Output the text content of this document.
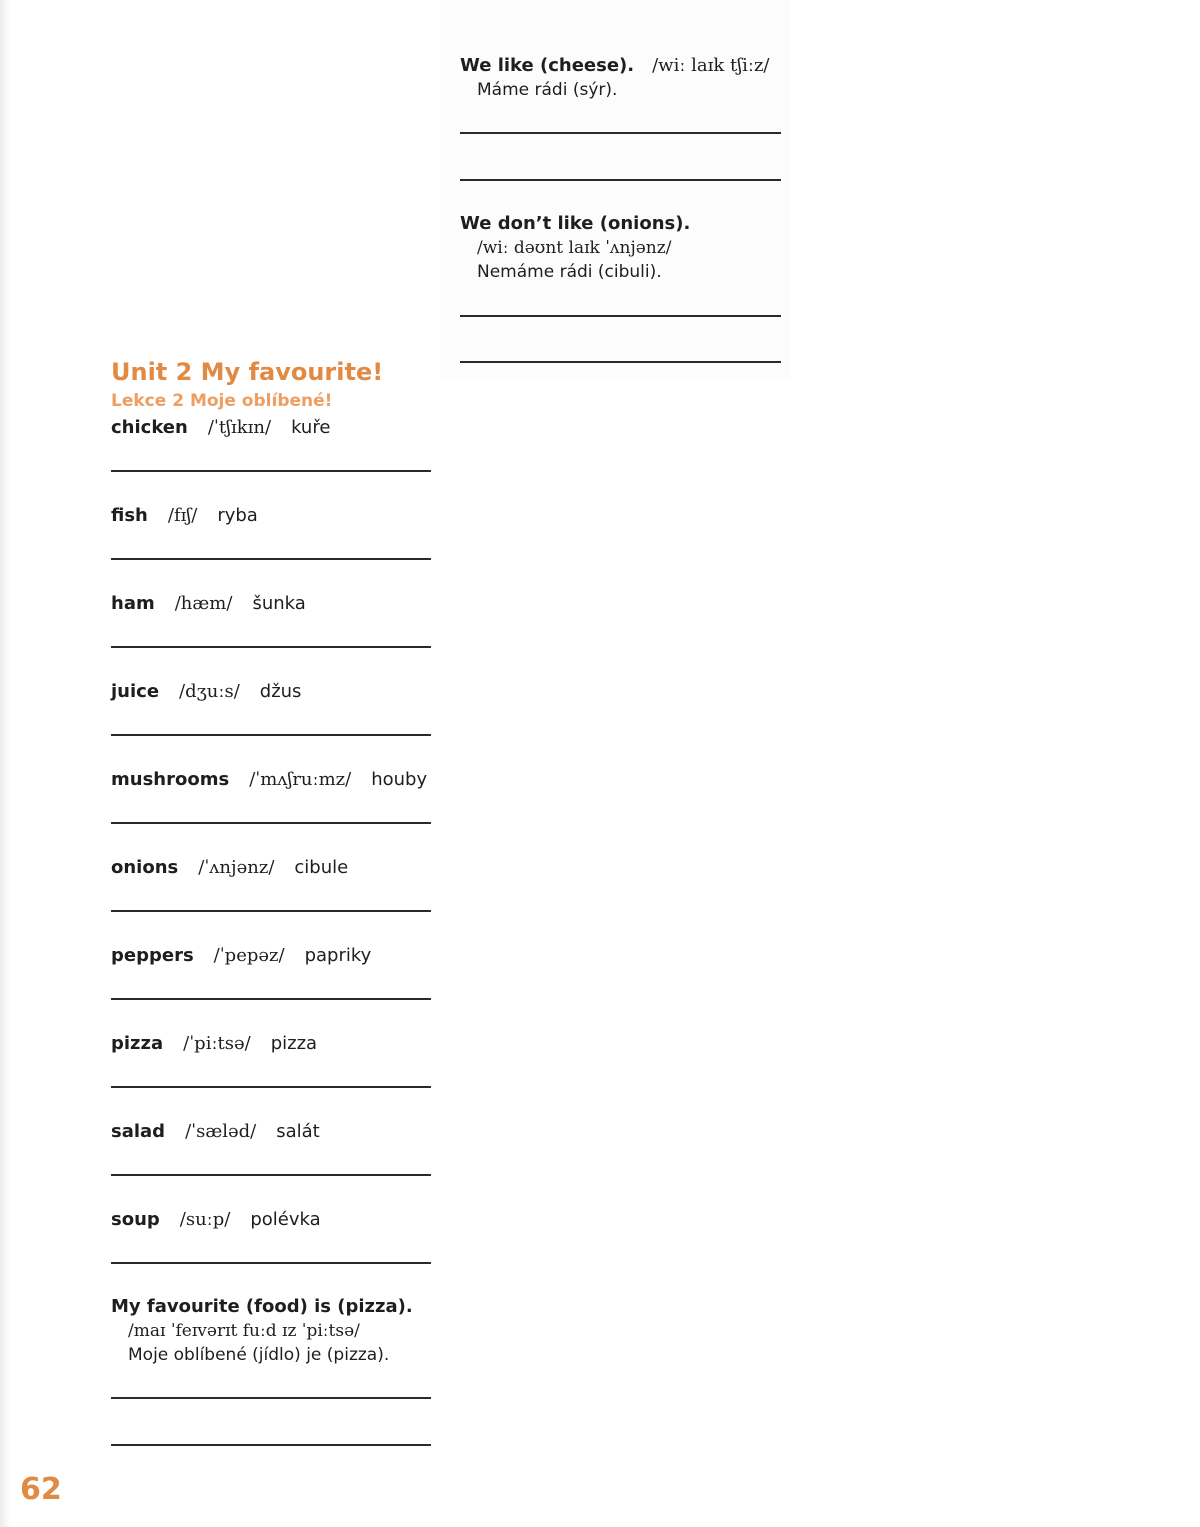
We like (cheese). /wiː laɪk tʃiːz/
Máme rádi (sýr).
We don’t like (onions).
/wiː dəʊnt laɪk ˈʌnjənz/
Nemáme rádi (cibuli).
Unit 2 My favourite!
Lekce 2 Moje oblíbené!
chicken /ˈtʃɪkɪn/ kuře
fish /fɪʃ/ ryba
ham /hæm/ šunka
juice /dʒuːs/ džus
mushrooms /ˈmʌʃruːmz/ houby
onions /ˈʌnjənz/ cibule
peppers /ˈpepəz/ papriky
pizza /ˈpiːtsə/ pizza
salad /ˈsæləd/ salát
soup /suːp/ polévka
My favourite (food) is (pizza).
/maɪ ˈfeɪvərɪt fuːd ɪz ˈpiːtsə/
Moje oblíbené (jídlo) je (pizza).
62
